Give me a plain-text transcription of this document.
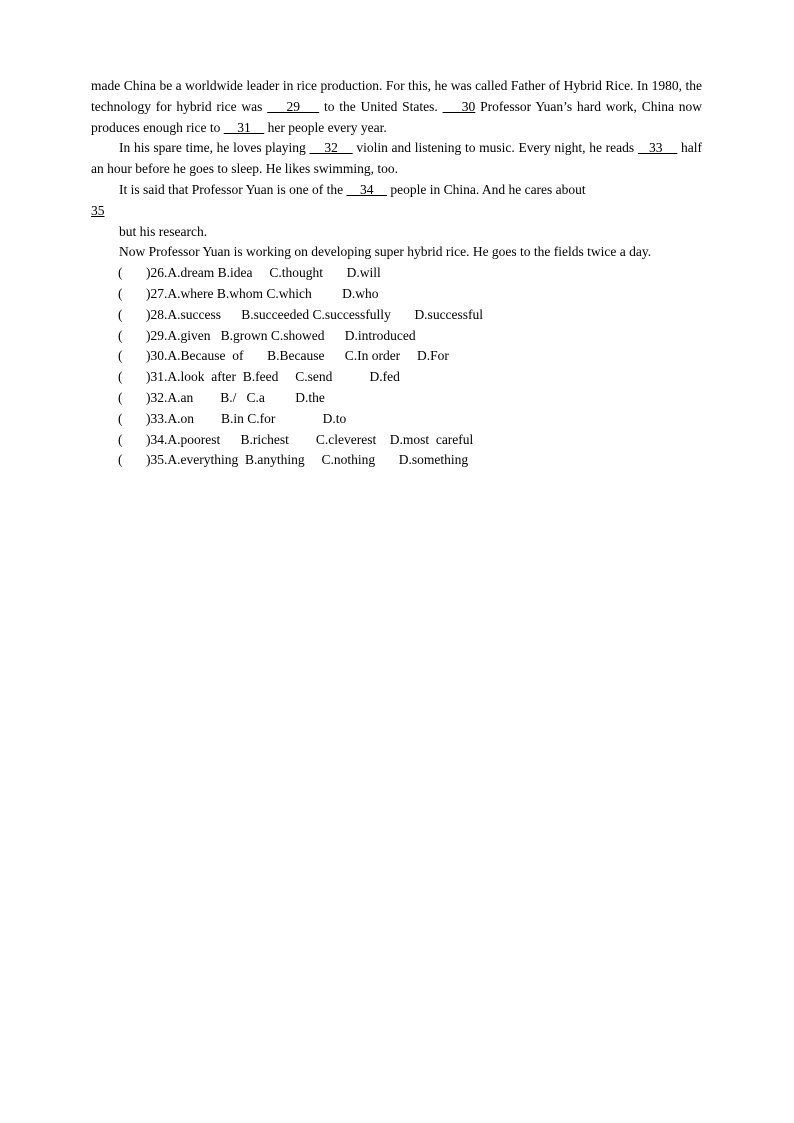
made China be a worldwide leader in rice production. For this, he was called Father of Hybrid Rice. In 1980, the technology for hybrid rice was     29     to the United States.     30 Professor Yuan’s hard work, China now produces enough rice to     31     her people every year.

In his spare time, he loves playing     32     violin and listening to music. Every night, he reads    33     half an hour before he goes to sleep. He likes swimming, too.

It is said that Professor Yuan is one of the     34     people in China. And he cares about
35

but his research.

Now Professor Yuan is working on developing super hybrid rice. He goes to the fields twice a day.

( )26.A.dream B.idea     C.thought       D.will
( )27.A.where B.whom C.which         D.who
( )28.A.success      B.succeeded C.successfully       D.successful
( )29.A.given   B.grown C.showed      D.introduced
( )30.A.Because  of       B.Because      C.In order     D.For
( )31.A.look  after  B.feed     C.send           D.fed
( )32.A.an        B./   C.a         D.the
( )33.A.on        B.in C.for              D.to
( )34.A.poorest      B.richest        C.cleverest    D.most  careful
( )35.A.everything  B.anything     C.nothing       D.something
